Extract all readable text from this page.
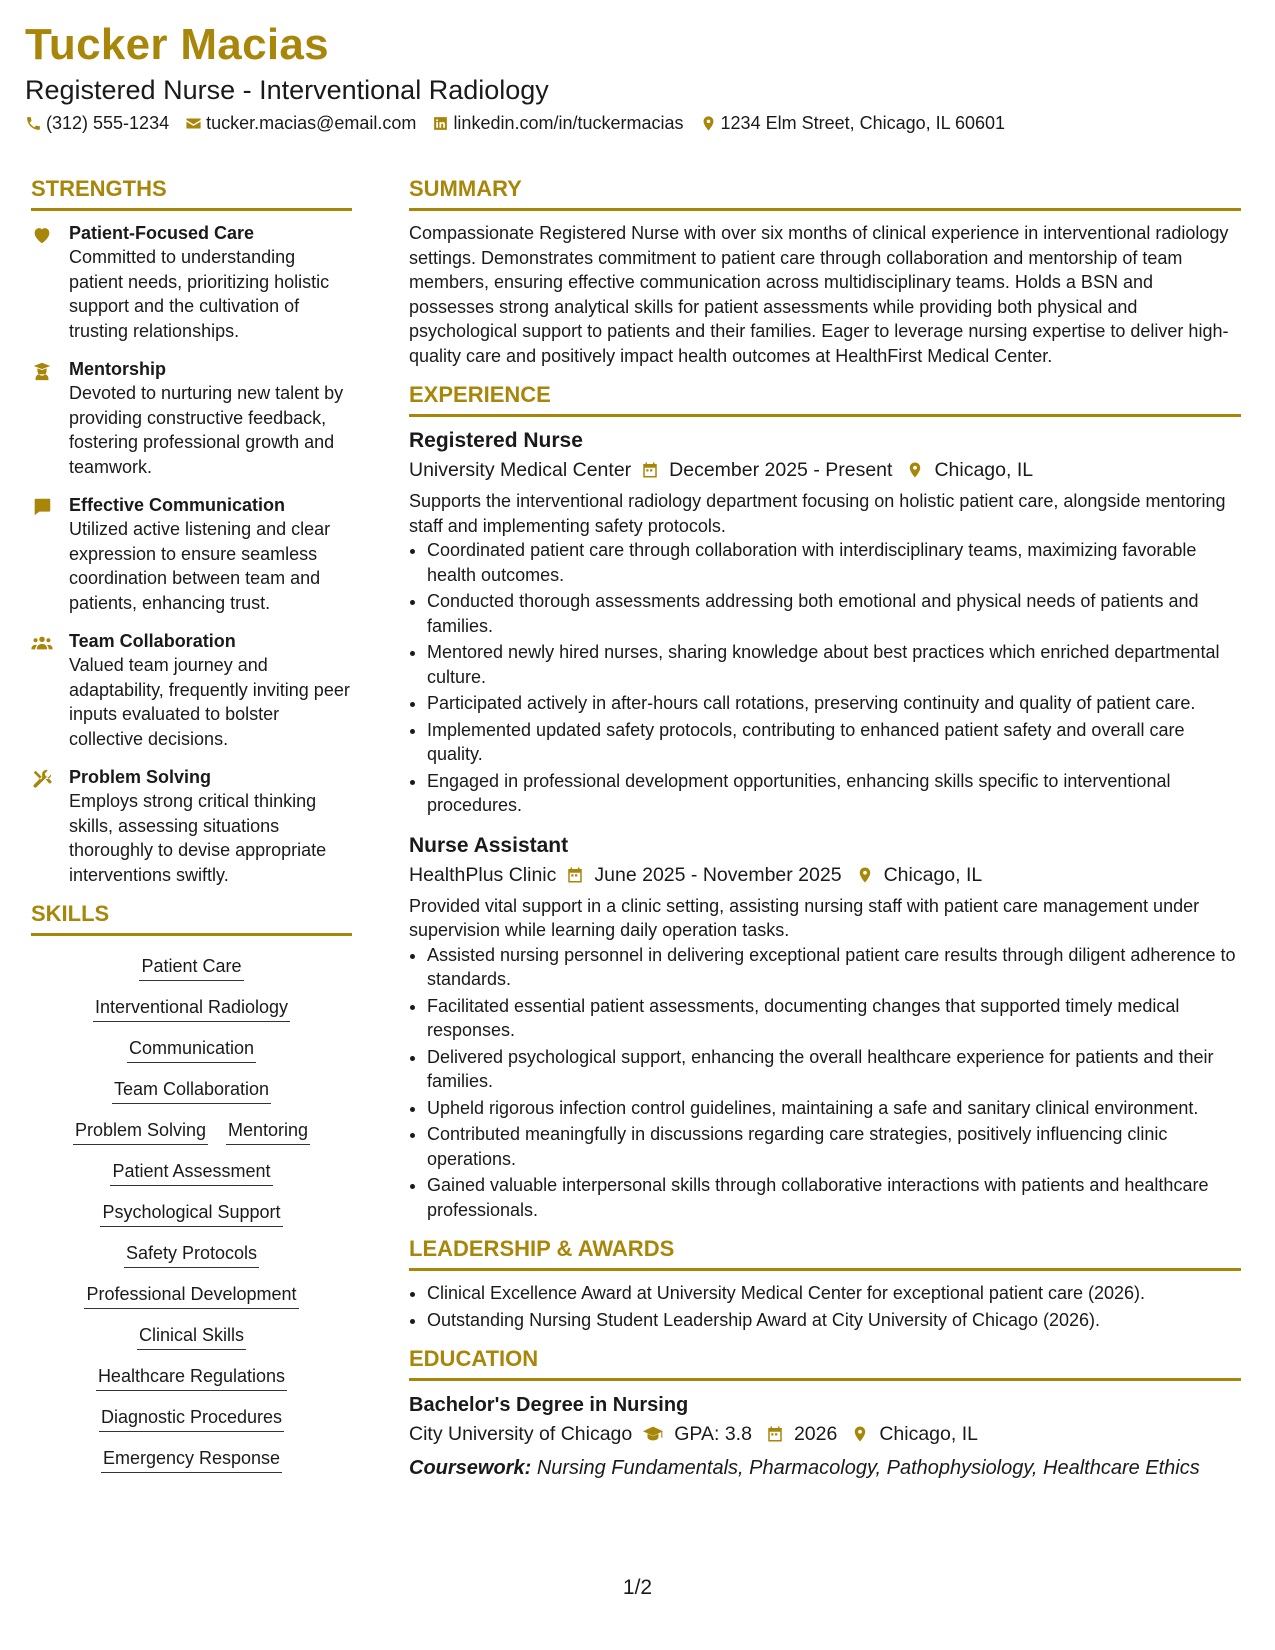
Tucker Macias
Registered Nurse - Interventional Radiology
(312) 555-1234 tucker.macias@email.com linkedin.com/in/tuckermacias 1234 Elm Street, Chicago, IL 60601
STRENGTHS
Patient-Focused Care
Committed to understanding patient needs, prioritizing holistic support and the cultivation of trusting relationships.
Mentorship
Devoted to nurturing new talent by providing constructive feedback, fostering professional growth and teamwork.
Effective Communication
Utilized active listening and clear expression to ensure seamless coordination between team and patients, enhancing trust.
Team Collaboration
Valued team journey and adaptability, frequently inviting peer inputs evaluated to bolster collective decisions.
Problem Solving
Employs strong critical thinking skills, assessing situations thoroughly to devise appropriate interventions swiftly.
SKILLS
Patient Care
Interventional Radiology
Communication
Team Collaboration
Problem Solving Mentoring
Patient Assessment
Psychological Support
Safety Protocols
Professional Development
Clinical Skills
Healthcare Regulations
Diagnostic Procedures
Emergency Response
SUMMARY

Compassionate Registered Nurse with over six months of clinical experience in interventional radiology settings. Demonstrates commitment to patient care through collaboration and mentorship of team members, ensuring effective communication across multidisciplinary teams. Holds a BSN and possesses strong analytical skills for patient assessments while providing both physical and psychological support to patients and their families. Eager to leverage nursing expertise to deliver high-quality care and positively impact health outcomes at HealthFirst Medical Center.

EXPERIENCE
Registered Nurse
University Medical Center December 2025 - Present Chicago, IL

Supports the interventional radiology department focusing on holistic patient care, alongside mentoring staff and implementing safety protocols.

• Coordinated patient care through collaboration with interdisciplinary teams, maximizing favorable health outcomes.
• Conducted thorough assessments addressing both emotional and physical needs of patients and families.
• Mentored newly hired nurses, sharing knowledge about best practices which enriched departmental culture.
• Participated actively in after-hours call rotations, preserving continuity and quality of patient care.
• Implemented updated safety protocols, contributing to enhanced patient safety and overall care quality.
• Engaged in professional development opportunities, enhancing skills specific to interventional procedures.
Nurse Assistant
HealthPlus Clinic June 2025 - November 2025 Chicago, IL

Provided vital support in a clinic setting, assisting nursing staff with patient care management under supervision while learning daily operation tasks.

• Assisted nursing personnel in delivering exceptional patient care results through diligent adherence to standards.
• Facilitated essential patient assessments, documenting changes that supported timely medical responses.
• Delivered psychological support, enhancing the overall healthcare experience for patients and their families.
• Upheld rigorous infection control guidelines, maintaining a safe and sanitary clinical environment.
• Contributed meaningfully in discussions regarding care strategies, positively influencing clinic operations.
• Gained valuable interpersonal skills through collaborative interactions with patients and healthcare professionals.
LEADERSHIP & AWARDS
• Clinical Excellence Award at University Medical Center for exceptional patient care (2026).
• Outstanding Nursing Student Leadership Award at City University of Chicago (2026).
EDUCATION
Bachelor's Degree in Nursing
City University of Chicago GPA: 3.8 2026 Chicago, IL
Coursework: Nursing Fundamentals, Pharmacology, Pathophysiology, Healthcare Ethics
1/2
